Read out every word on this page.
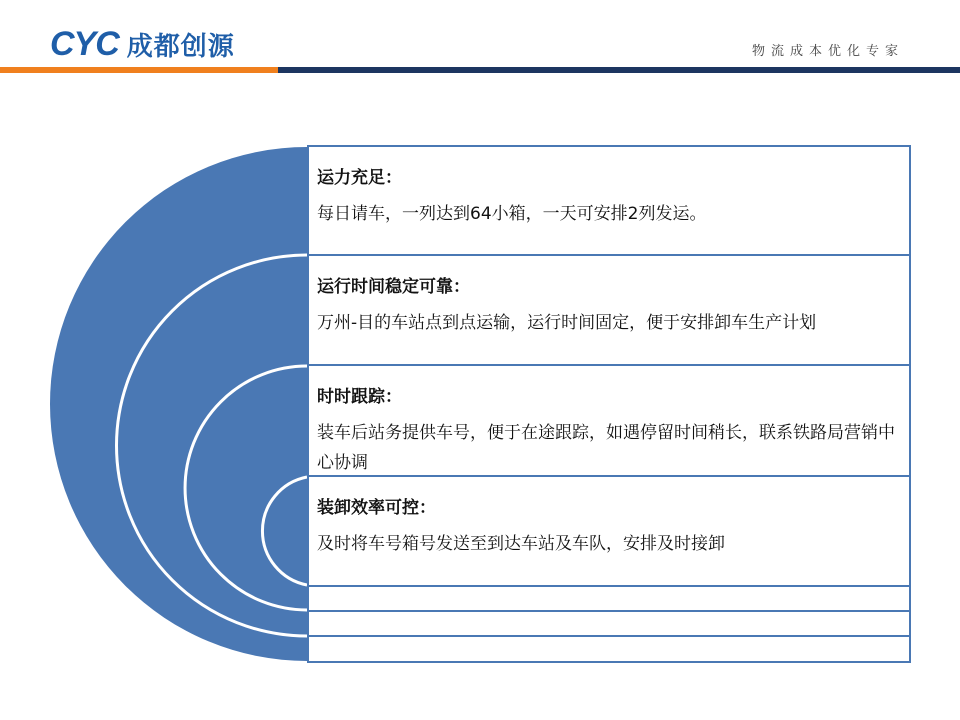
CYC 成都创源	物流成本优化专家
运力充足：
每日请车，一列达到64小箱，一天可安排2列发运。
运行时间稳定可靠：
万州-目的车站点到点运输，运行时间固定，便于安排卸车生产计划
时时跟踪：
装车后站务提供车号，便于在途跟踪，如遇停留时间稍长，联系铁路局营销中心协调
装卸效率可控：
及时将车号箱号发送至到达车站及车队，安排及时接卸
